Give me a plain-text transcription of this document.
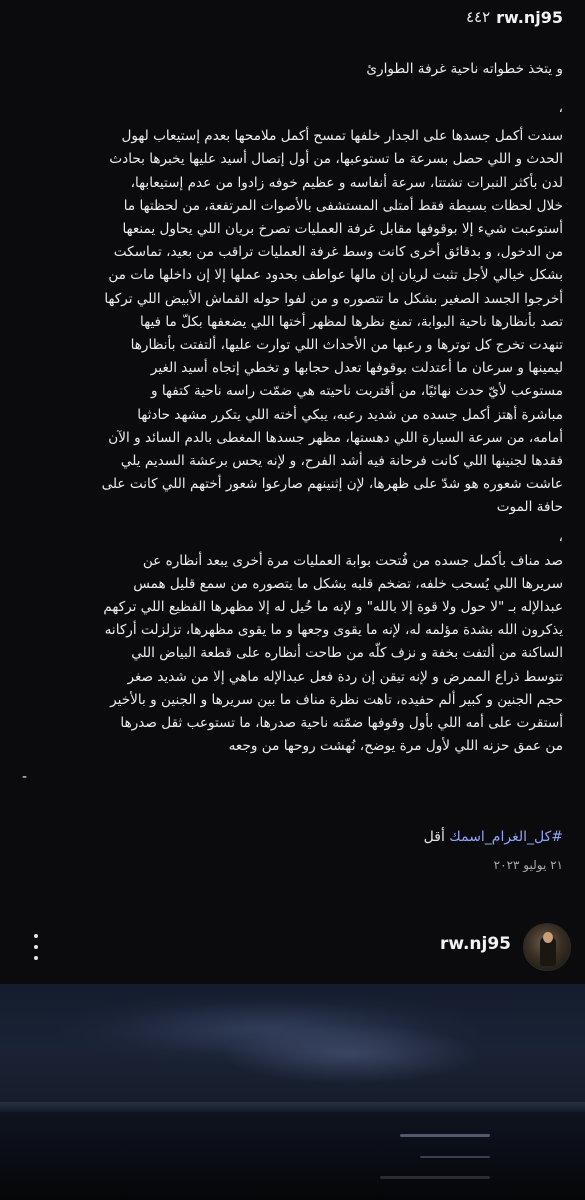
٤٤٢ rw.nj95
و يتخذ خطواته ناحية غرفة الطوارئ
،
سندت أكمل جسدها على الجدار خلفها تمسح أكمل ملامحها بعدم إستيعاب لهول
الحدث و اللي حصل بسرعة ما تستوعبها، من أول إتصال أسيد عليها يخبرها بحادث
لدن بأكثر النبرات تشتتا، سرعة أنفاسه و عظيم خوفه زادوا من عدم إستيعابها،
خلال لحظات بسيطة فقط أمتلى المستشفى بالأصوات المرتفعة، من لحظتها ما
أستوعبت شيء إلا بوقوفها مقابل غرفة العمليات تصرخ بريان اللي يحاول يمنعها
من الدخول، و بدقائق أخرى كانت وسط غرفة العمليات تراقب من بعيد، تماسكت
بشكل خيالي لأجل تثبت لريان إن مالها عواطف بحدود عملها إلا إن داخلها مات من
أخرجوا الجسد الصغير بشكل ما تتصوره و من لفوا حوله القماش الأبيض اللي تركها
تصد بأنظارها ناحية البوابة، تمنع نظرها لمظهر أختها اللي يضعفها بكلّ ما فيها
تنهدت تخرج كل توترها و رعبها من الأحداث اللي توارت عليها، ألتفتت بأنظارها
ليمينها و سرعان ما أعتدلت بوقوفها تعدل حجابها و تخطي إتجاه أسيد الغير
مستوعب لأيّ حدث نهائيًا، من أقتربت ناحيته هي ضمّت راسه ناحية كتفها و
مباشرة أهتز أكمل جسده من شديد رعبه، يبكي أخته اللي يتكرر مشهد حادثها
أمامه، من سرعة السيارة اللي دهستها، مظهر جسدها المغطى بالدم السائد و الآن
فقدها لجنينها اللي كانت فرحانة فيه أشد الفرح، و لإنه يحس برعشة السديم يلي
عاشت شعوره هو شدّ على ظهرها، لإن إثنينهم صارعوا شعور أختهم اللي كانت على
حافة الموت
،
صد مناف بأكمل جسده من فُتحت بوابة العمليات مرة أخرى يبعد أنظاره عن
سريرها اللي يُسحب خلفه، تضخم قلبه بشكل ما يتصوره من سمع قليل همس
عبدالإله بـ "لا حول ولا قوة إلا بالله" و لإنه ما خُيل له إلا مظهرها الفظيع اللي تركهم
يذكرون الله بشدة مؤلمه له، لإنه ما يقوى وجعها و ما يقوى مظهرها، تزلزلت أركانه
الساكنة من ألتفت بخفة و نزف كلّه من طاحت أنظاره على قطعة البياض اللي
تتوسط ذراع الممرض و لإنه تيقن إن ردة فعل عبدالإله ماهي إلا من شديد صغر
حجم الجنين و كبير ألم حفيده، تاهت نظرة مناف ما بين سريرها و الجنين و بالأخير
أستقرت على أمه اللي بأول وقوفها ضمّته ناحية صدرها، ما تستوعب ثقل صدرها
من عمق حزنه اللي لأول مرة يوضح، نُهشت روحها من وجعه
-
#كل_الغرام_اسمك أقل
٢١ يوليو ٢٠٢٣
rw.nj95
